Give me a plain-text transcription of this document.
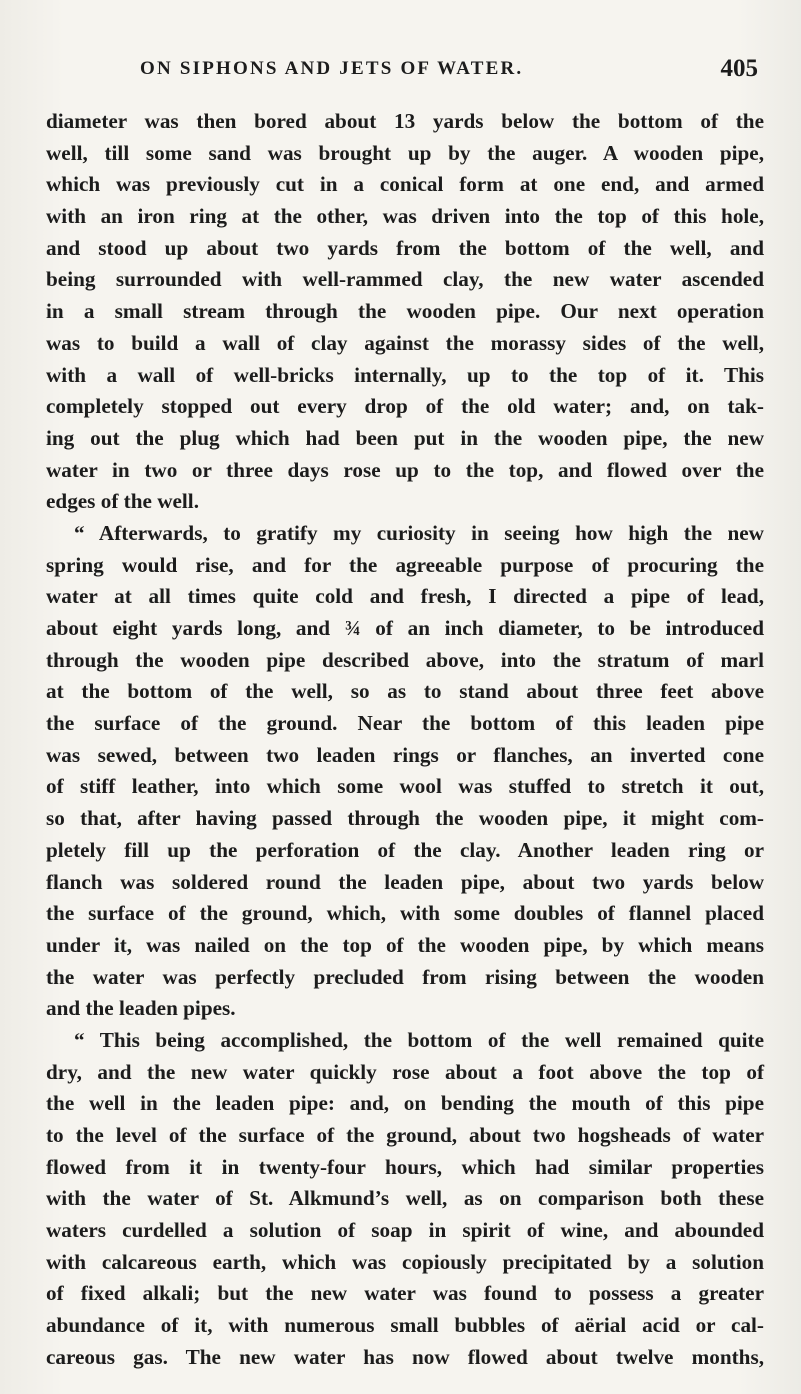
ON SIPHONS AND JETS OF WATER.	405
diameter was then bored about 13 yards below the bottom of the
well, till some sand was brought up by the auger. A wooden pipe,
which was previously cut in a conical form at one end, and armed
with an iron ring at the other, was driven into the top of this hole,
and stood up about two yards from the bottom of the well, and
being surrounded with well-rammed clay, the new water ascended
in a small stream through the wooden pipe. Our next operation
was to build a wall of clay against the morassy sides of the well,
with a wall of well-bricks internally, up to the top of it. This
completely stopped out every drop of the old water; and, on tak-
ing out the plug which had been put in the wooden pipe, the new
water in two or three days rose up to the top, and flowed over the
edges of the well.
“ Afterwards, to gratify my curiosity in seeing how high the new
spring would rise, and for the agreeable purpose of procuring the
water at all times quite cold and fresh, I directed a pipe of lead,
about eight yards long, and ¾ of an inch diameter, to be introduced
through the wooden pipe described above, into the stratum of marl
at the bottom of the well, so as to stand about three feet above
the surface of the ground. Near the bottom of this leaden pipe
was sewed, between two leaden rings or flanches, an inverted cone
of stiff leather, into which some wool was stuffed to stretch it out,
so that, after having passed through the wooden pipe, it might com-
pletely fill up the perforation of the clay. Another leaden ring or
flanch was soldered round the leaden pipe, about two yards below
the surface of the ground, which, with some doubles of flannel placed
under it, was nailed on the top of the wooden pipe, by which means
the water was perfectly precluded from rising between the wooden
and the leaden pipes.
“ This being accomplished, the bottom of the well remained quite
dry, and the new water quickly rose about a foot above the top of
the well in the leaden pipe: and, on bending the mouth of this pipe
to the level of the surface of the ground, about two hogsheads of water
flowed from it in twenty-four hours, which had similar properties
with the water of St. Alkmund’s well, as on comparison both these
waters curdelled a solution of soap in spirit of wine, and abounded
with calcareous earth, which was copiously precipitated by a solution
of fixed alkali; but the new water was found to possess a greater
abundance of it, with numerous small bubbles of aërial acid or cal-
careous gas. The new water has now flowed about twelve months,
